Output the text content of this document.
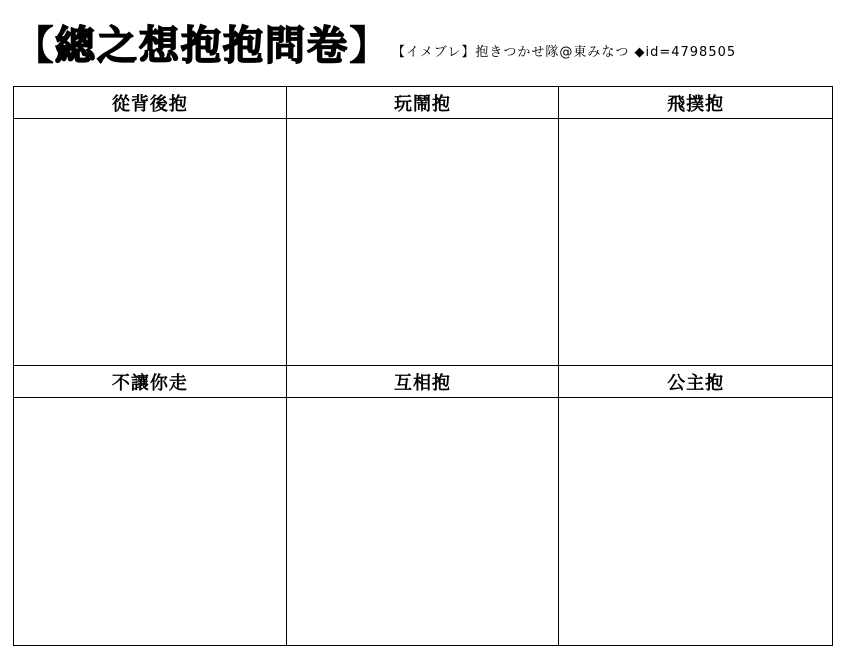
【 總之想抱抱問卷 】 【イメブレ】抱きつかせ隊@東みなつ ◆id=4798505
從背後抱	玩鬧抱	飛撲抱
不讓你走	互相抱	公主抱
